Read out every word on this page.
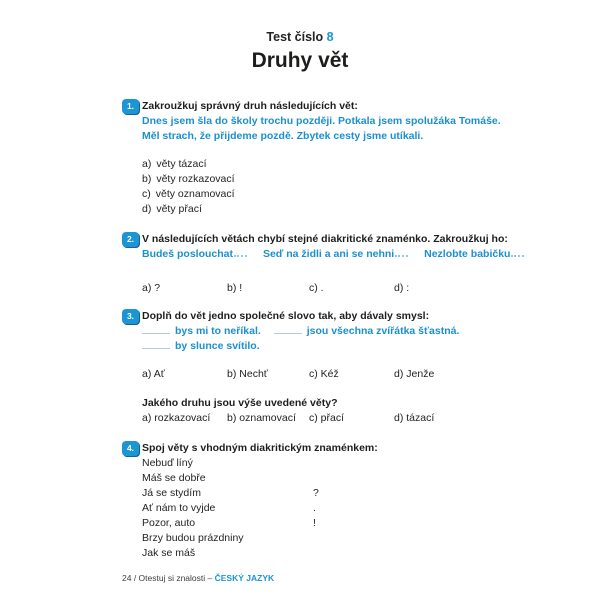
Test číslo 8
Druhy vět
1. Zakroužkuj správný druh následujících vět:
Dnes jsem šla do školy trochu později. Potkala jsem spolužáka Tomáše.
Měl strach, že přijdeme pozdě. Zbytek cesty jsme utíkali.
a) věty tázací
b) věty rozkazovací
c) věty oznamovací
d) věty přací
2. V následujících větách chybí stejné diakritické znaménko. Zakroužkuj ho:
Budeš poslouchat	Seď na židli a ani se nehni	Nezlobte babičku
a) ?	b) !	c) .	d) :
3. Doplň do vět jedno společné slovo tak, aby dávaly smysl:
bys mi to neříkal.	jsou všechna zvířátka šťastná.
by slunce svítilo.
a) Ať	b) Nechť	c) Kéž	d) Jenže
Jakého druhu jsou výše uvedené věty?
a) rozkazovací	b) oznamovací	c) přací	d) tázací
4. Spoj věty s vhodným diakritickým znaménkem:
Nebuď líný
Máš se dobře
Já se stydím	?
Ať nám to vyjde	.
Pozor, auto	!
Brzy budou prázdniny
Jak se máš
24 / Otestuj si znalosti – ČESKÝ JAZYK
